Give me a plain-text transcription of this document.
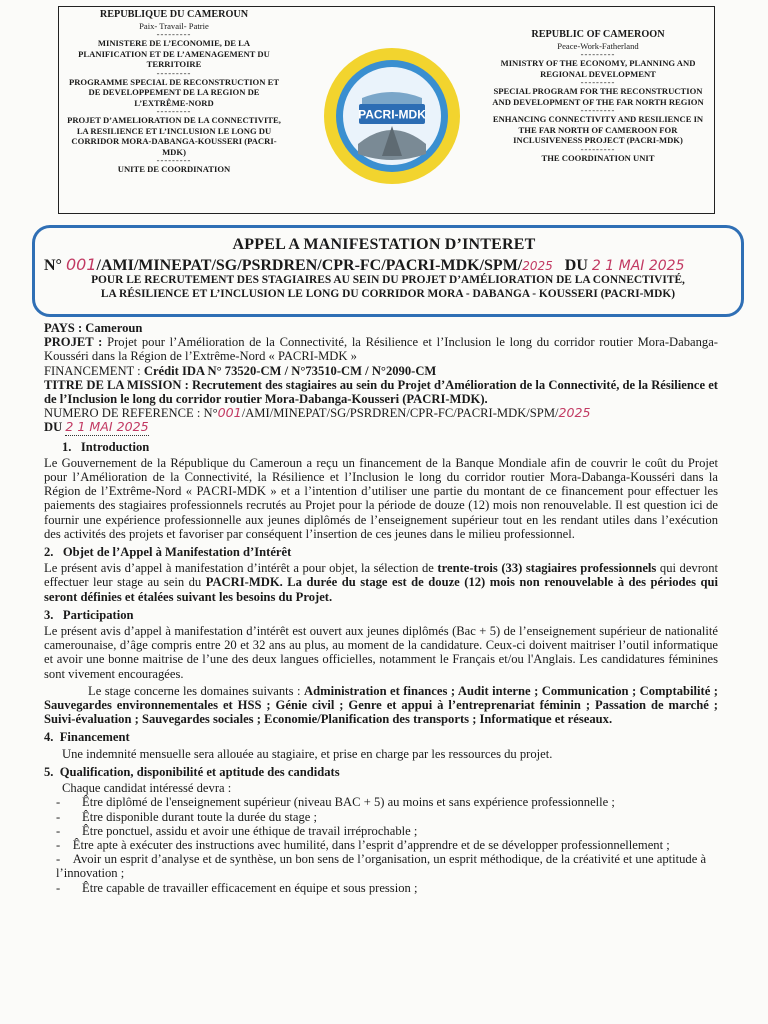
REPUBLIQUE DU CAMEROUN
Paix- Travail- Patrie
---------
MINISTERE DE L’ECONOMIE, DE LA PLANIFICATION ET DE L’AMENAGEMENT DU TERRITOIRE
---------
PROGRAMME SPECIAL DE RECONSTRUCTION ET DE DEVELOPPEMENT DE LA REGION DE L’EXTRÊME-NORD
---------
PROJET D’AMELIORATION DE LA CONNECTIVITE, LA RESILIENCE ET L’INCLUSION LE LONG DU CORRIDOR MORA-DABANGA-KOUSSERI (PACRI-MDK)
---------
UNITE DE COORDINATION
REPUBLIC OF CAMEROON
Peace-Work-Fatherland
---------
MINISTRY OF THE ECONOMY, PLANNING AND REGIONAL DEVELOPMENT
---------
SPECIAL PROGRAM FOR THE RECONSTRUCTION AND DEVELOPMENT OF THE FAR NORTH REGION
---------
ENHANCING CONNECTIVITY AND RESILIENCE IN THE FAR NORTH OF CAMEROON FOR INCLUSIVENESS PROJECT (PACRI-MDK)
---------
THE COORDINATION UNIT
PACRI-MDK
APPEL A MANIFESTATION D’INTERET
N° 001/AMI/MINEPAT/SG/PSRDREN/CPR-FC/PACRI-MDK/SPM/2025 DU 2 1 MAI 2025
POUR LE RECRUTEMENT DES STAGIAIRES AU SEIN DU PROJET D’AMÉLIORATION DE LA CONNECTIVITÉ,
LA RÉSILIENCE ET L’INCLUSION LE LONG DU CORRIDOR MORA - DABANGA - KOUSSERI (PACRI-MDK)

PAYS : Cameroun

PROJET : Projet pour l’Amélioration de la Connectivité, la Résilience et l’Inclusion le long du corridor routier Mora-Dabanga-Kousséri dans la Région de l’Extrême-Nord « PACRI-MDK »

FINANCEMENT : Crédit IDA N° 73520-CM / N°73510-CM / N°2090-CM

TITRE DE LA MISSION : Recrutement des stagiaires au sein du Projet d’Amélioration de la Connectivité, de la Résilience et de l’Inclusion le long du corridor routier Mora-Dabanga-Kousseri (PACRI-MDK).

NUMERO DE REFERENCE : N°001/AMI/MINEPAT/SG/PSRDREN/CPR-FC/PACRI-MDK/SPM/2025

DU 2 1 MAI 2025

1.   Introduction

Le Gouvernement de la République du Cameroun a reçu un financement de la Banque Mondiale afin de couvrir le coût du Projet pour l’Amélioration de la Connectivité, la Résilience et l’Inclusion le long du corridor routier Mora-Dabanga-Kousséri dans la Région de l’Extrême-Nord « PACRI-MDK » et a l’intention d’utiliser une partie du montant de ce financement pour effectuer les paiements des stagiaires professionnels recrutés au Projet pour la période de douze (12) mois non renouvelable. Il est question ici de fournir une expérience professionnelle aux jeunes diplômés de l’enseignement supérieur tout en les rendant utiles dans l’exécution des activités des projets et favoriser par conséquent l’insertion de ces jeunes dans le milieu professionnel.

2.   Objet de l’Appel à Manifestation d’Intérêt

Le présent avis d’appel à manifestation d’intérêt a pour objet, la sélection de trente-trois (33) stagiaires professionnels qui devront effectuer leur stage au sein du PACRI-MDK. La durée du stage est de douze (12) mois non renouvelable à des périodes qui seront définies et étalées suivant les besoins du Projet.

3.   Participation

Le présent avis d’appel à manifestation d’intérêt est ouvert aux jeunes diplômés (Bac + 5) de l’enseignement supérieur de nationalité camerounaise, d’âge compris entre 20 et 32 ans au plus, au moment de la candidature. Ceux-ci doivent maitriser l’outil informatique et avoir une bonne maitrise de l’une des deux langues officielles, notamment le Français et/ou l'Anglais. Les candidatures féminines sont vivement encouragées.

Le stage concerne les domaines suivants : Administration et finances ; Audit interne ; Communication ; Comptabilité ; Sauvegardes environnementales et HSS ; Génie civil ; Genre et appui à l’entreprenariat féminin ; Passation de marché ; Suivi-évaluation ; Sauvegardes sociales ; Economie/Planification des transports ; Informatique et réseaux.

4.  Financement

Une indemnité mensuelle sera allouée au stagiaire, et prise en charge par les ressources du projet.

5.  Qualification, disponibilité et aptitude des candidats

Chaque candidat intéressé devra :

- Être diplômé de l'enseignement supérieur (niveau BAC + 5) au moins et sans expérience professionnelle ;
- Être disponible durant toute la durée du stage ;
- Être ponctuel, assidu et avoir une éthique de travail irréprochable ;
- Être apte à exécuter des instructions avec humilité, dans l’esprit d’apprendre et de se développer professionnellement ;
- Avoir un esprit d’analyse et de synthèse, un bon sens de l’organisation, un esprit méthodique, de la créativité et une aptitude à l’innovation ;
- Être capable de travailler efficacement en équipe et sous pression ;
